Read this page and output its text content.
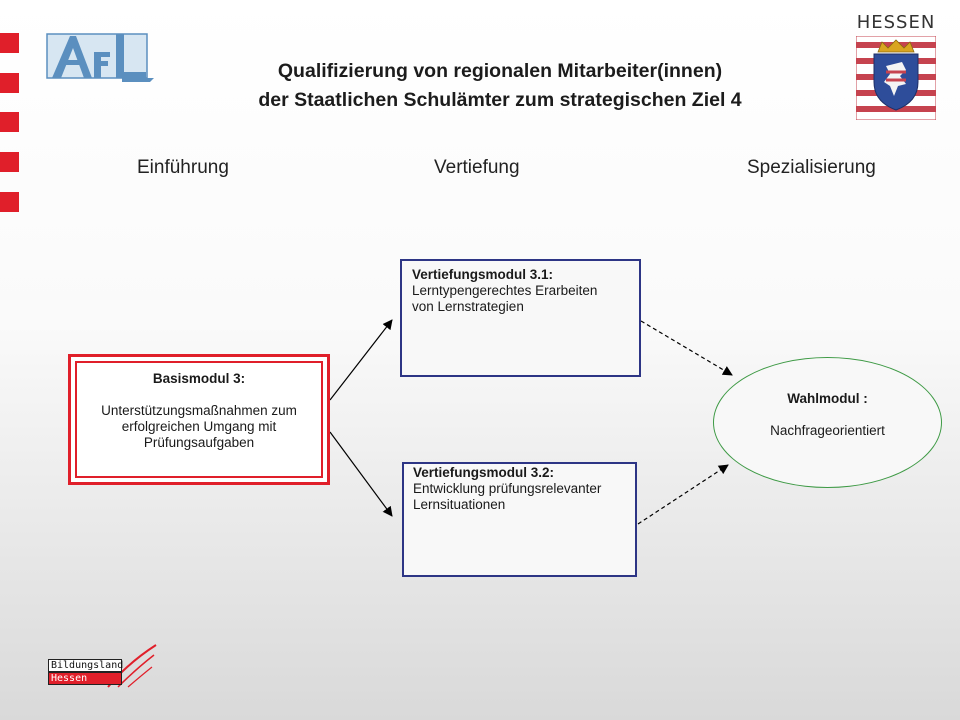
Qualifizierung von regionalen Mitarbeiter(innen)
der Staatlichen Schulämter zum strategischen Ziel 4
HESSEN
Einführung	Vertiefung	Spezialisierung
Basismodul 3:
Unterstützungsmaßnahmen zum erfolgreichen Umgang mit Prüfungsaufgaben
Vertiefungsmodul 3.1:
Lerntypengerechtes Erarbeiten
von Lernstrategien
Vertiefungsmodul 3.2:
Entwicklung prüfungsrelevanter
Lernsituationen
Wahlmodul :
Nachfrageorientiert
Bildungsland
Hessen
